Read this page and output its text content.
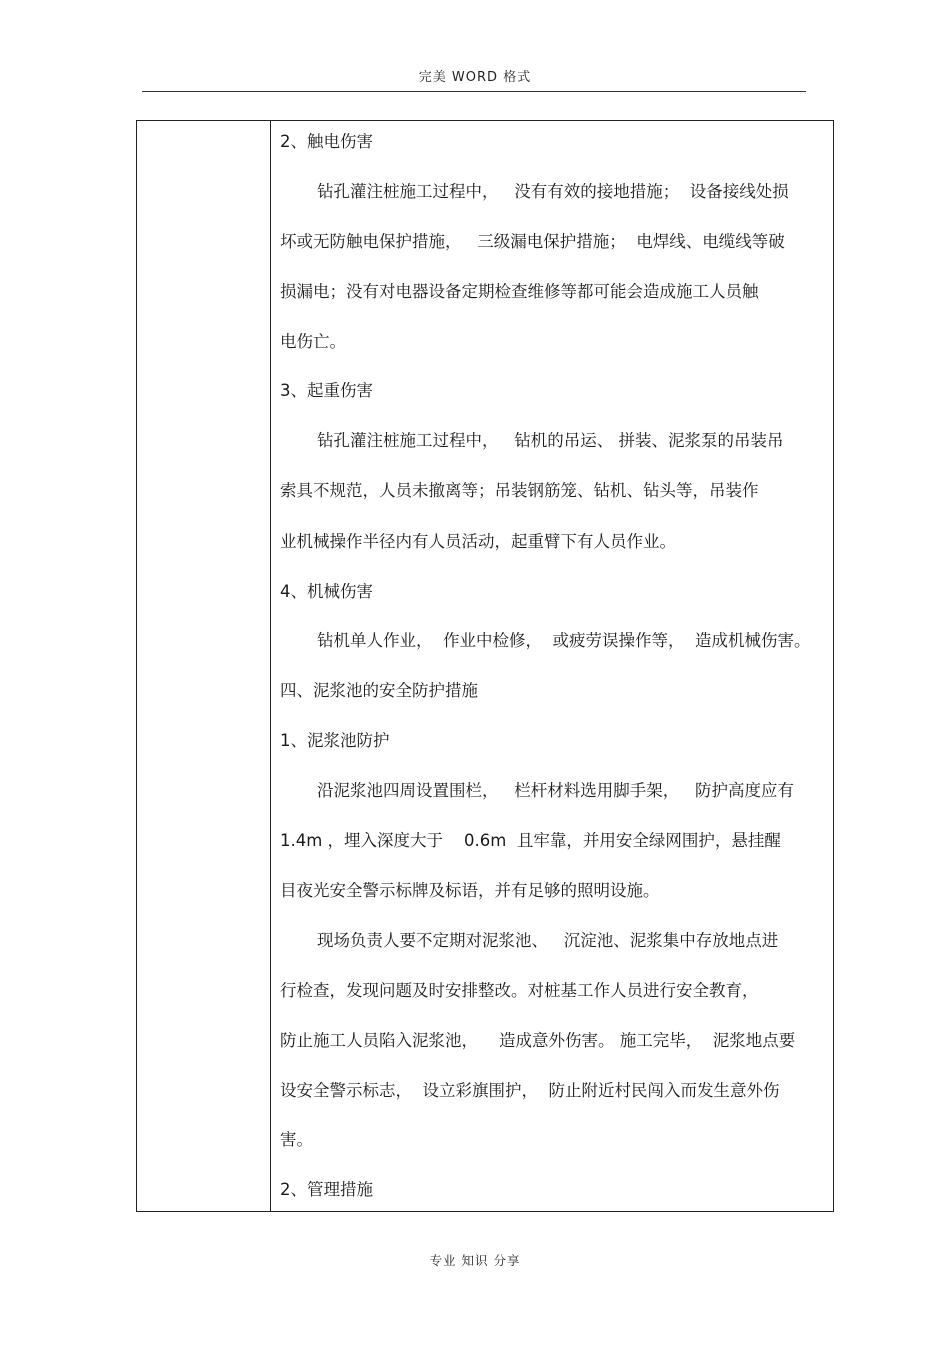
完美 WORD 格式
2、触电伤害
钻孔灌注桩施工过程中，   没有有效的接地措施；  设备接线处损
坏或无防触电保护措施，   三级漏电保护措施；  电焊线、电缆线等破
损漏电；没有对电器设备定期检查维修等都可能会造成施工人员触
电伤亡。
3、起重伤害
钻孔灌注桩施工过程中，   钻机的吊运、 拼装、泥浆泵的吊装吊
索具不规范，人员未撤离等；吊装钢筋笼、钻机、钻头等，吊装作
业机械操作半径内有人员活动，起重臂下有人员作业。
4、机械伤害
钻机单人作业，  作业中检修，  或疲劳误操作等，  造成机械伤害。
四、泥浆池的安全防护措施
1、泥浆池防护
沿泥浆池四周设置围栏，   栏杆材料选用脚手架，   防护高度应有
1.4m ，埋入深度大于    0.6m  且牢靠，并用安全绿网围护，悬挂醒
目夜光安全警示标牌及标语，并有足够的照明设施。
现场负责人要不定期对泥浆池、   沉淀池、泥浆集中存放地点进
行检查，发现问题及时安排整改。对桩基工作人员进行安全教育，
防止施工人员陷入泥浆池，    造成意外伤害。 施工完毕，  泥浆地点要
设安全警示标志，  设立彩旗围护，  防止附近村民闯入而发生意外伤
害。
2、管理措施
专业 知识 分享
